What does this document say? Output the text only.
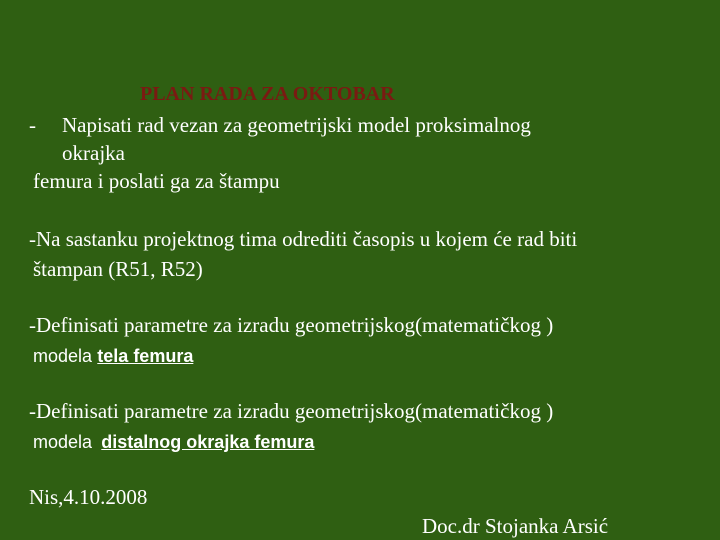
PLAN RADA ZA OKTOBAR
- Napisati rad vezan za geometrijski model proksimalnog
okrajka
femura i poslati ga za štampu
-Na sastanku projektnog tima odrediti časopis u kojem će rad biti
štampan (R51, R52)
-Definisati parametre za izradu geometrijskog(matematičkog )
modela tela femura
-Definisati parametre za izradu geometrijskog(matematičkog )
modela distalnog okrajka femura
Nis,4.10.2008
Doc.dr Stojanka Arsić
